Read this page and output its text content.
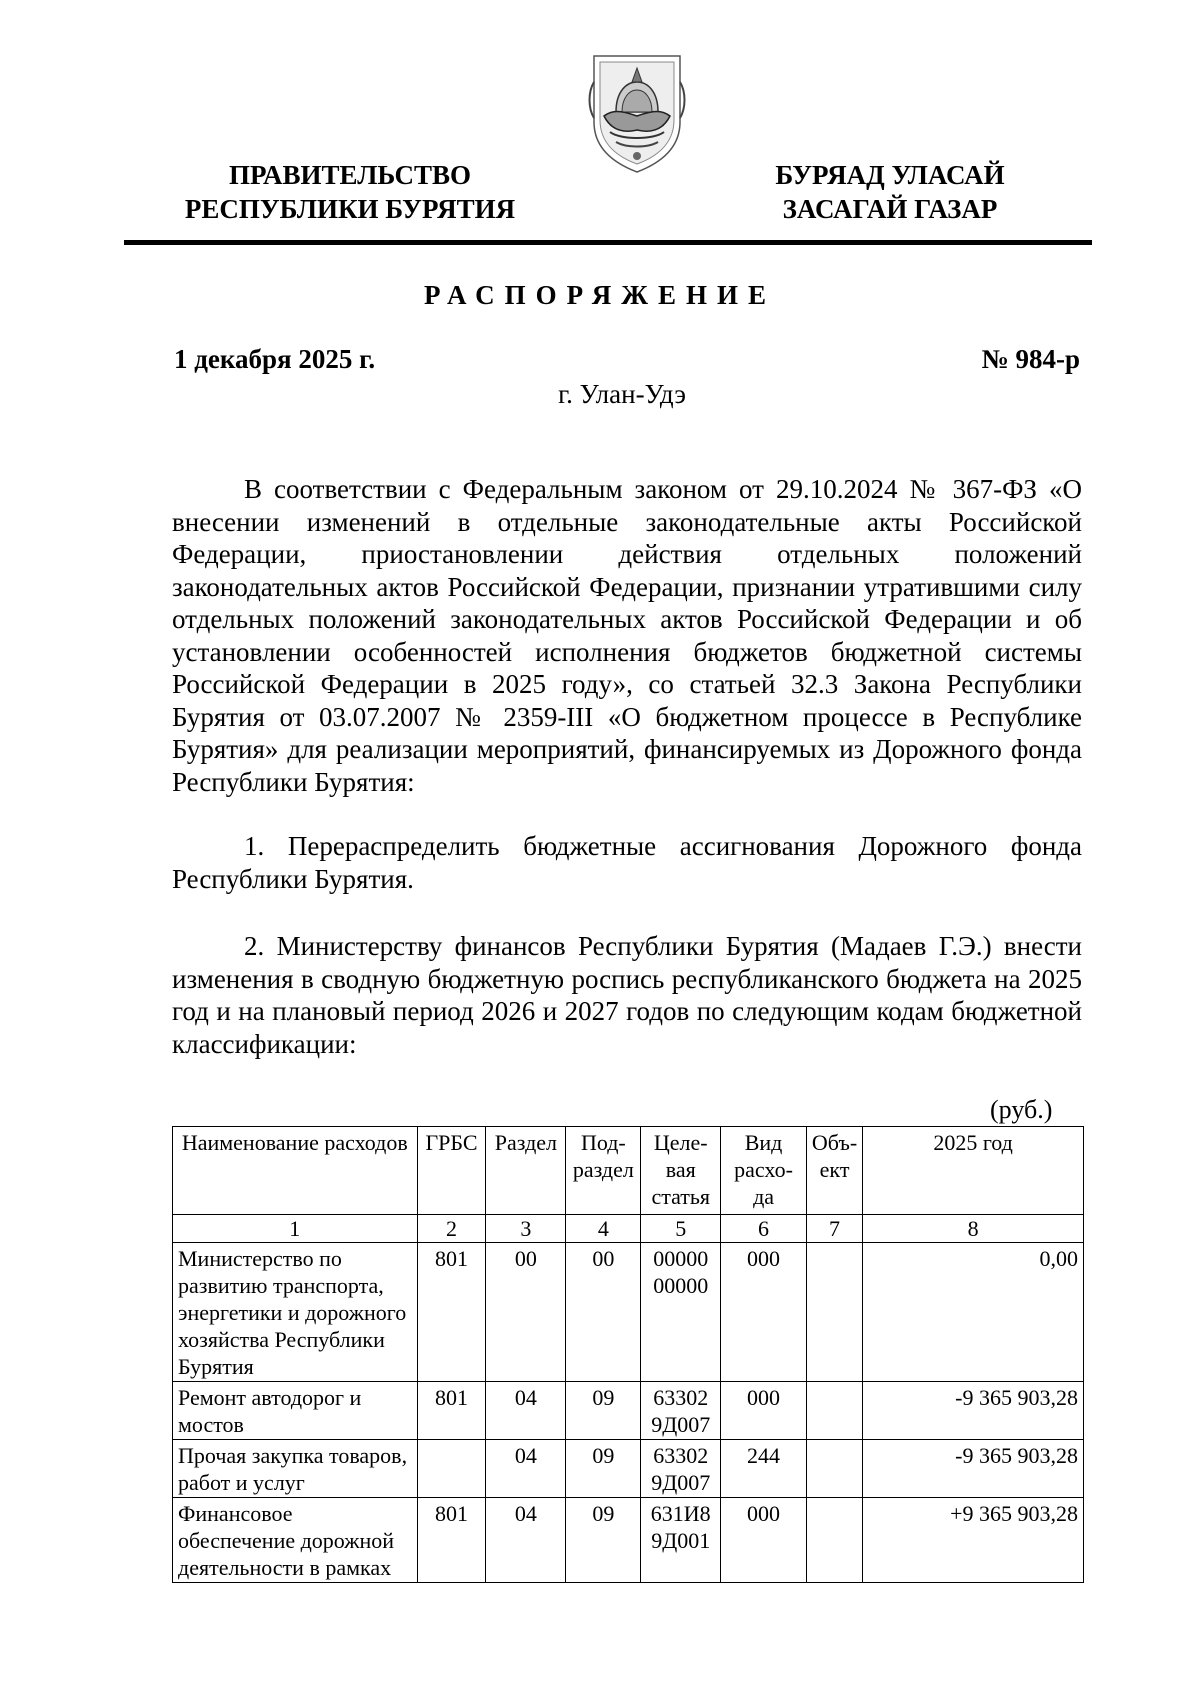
ПРАВИТЕЛЬСТВО
РЕСПУБЛИКИ БУРЯТИЯ
БУРЯАД УЛАСАЙ
ЗАСАГАЙ ГАЗАР
РАСПОРЯЖЕНИЕ
1 декабря 2025 г.	№ 984-р
г. Улан-Удэ

В соответствии с Федеральным законом от 29.10.2024 № 367-ФЗ «О внесении изменений в отдельные законодательные акты Российской Федерации, приостановлении действия отдельных положений законодательных актов Российской Федерации, признании утратившими силу отдельных положений законодательных актов Российской Федерации и об установлении особенностей исполнения бюджетов бюджетной системы Российской Федерации в 2025 году», со статьей 32.3 Закона Республики Бурятия от 03.07.2007 № 2359-III «О бюджетном процессе в Республике Бурятия» для реализации мероприятий, финансируемых из Дорожного фонда Республики Бурятия:

1. Перераспределить бюджетные ассигнования Дорожного фонда Республики Бурятия.

2. Министерству финансов Республики Бурятия (Мадаев Г.Э.) внести изменения в сводную бюджетную роспись республиканского бюджета на 2025 год и на плановый период 2026 и 2027 годов по следующим кодам бюджетной классификации:

(руб.)
Наименование расходов	ГРБС	Раздел	Под-раздел	Целе-вая статья	Вид расхо-да	Объ-ект	2025 год
1	2	3	4	5	6	7	8
Министерство по развитию транспорта, энергетики и дорожного хозяйства Республики Бурятия	801	00	00	00000 00000	000		0,00
Ремонт автодорог и мостов	801	04	09	63302 9Д007	000		-9 365 903,28
Прочая закупка товаров, работ и услуг		04	09	63302 9Д007	244		-9 365 903,28
Финансовое обеспечение дорожной деятельности в рамках	801	04	09	631И8 9Д001	000		+9 365 903,28
